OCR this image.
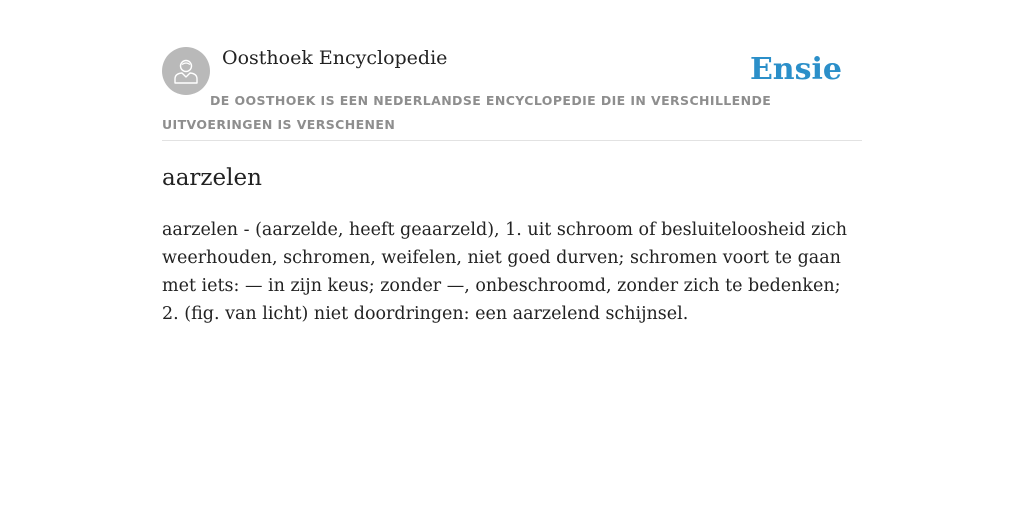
Oosthoek Encyclopedie	Ensie

DE OOSTHOEK IS EEN NEDERLANDSE ENCYCLOPEDIE DIE IN VERSCHILLENDE UITVOERINGEN IS VERSCHENEN

aarzelen

aarzelen - (aarzelde, heeft geaarzeld), 1. uit schroom of besluiteloosheid zich weerhouden, schromen, weifelen, niet goed durven; schromen voort te gaan met iets: — in zijn keus; zonder —, onbeschroomd, zonder zich te bedenken; 2. (fig. van licht) niet doordringen: een aarzelend schijnsel.
